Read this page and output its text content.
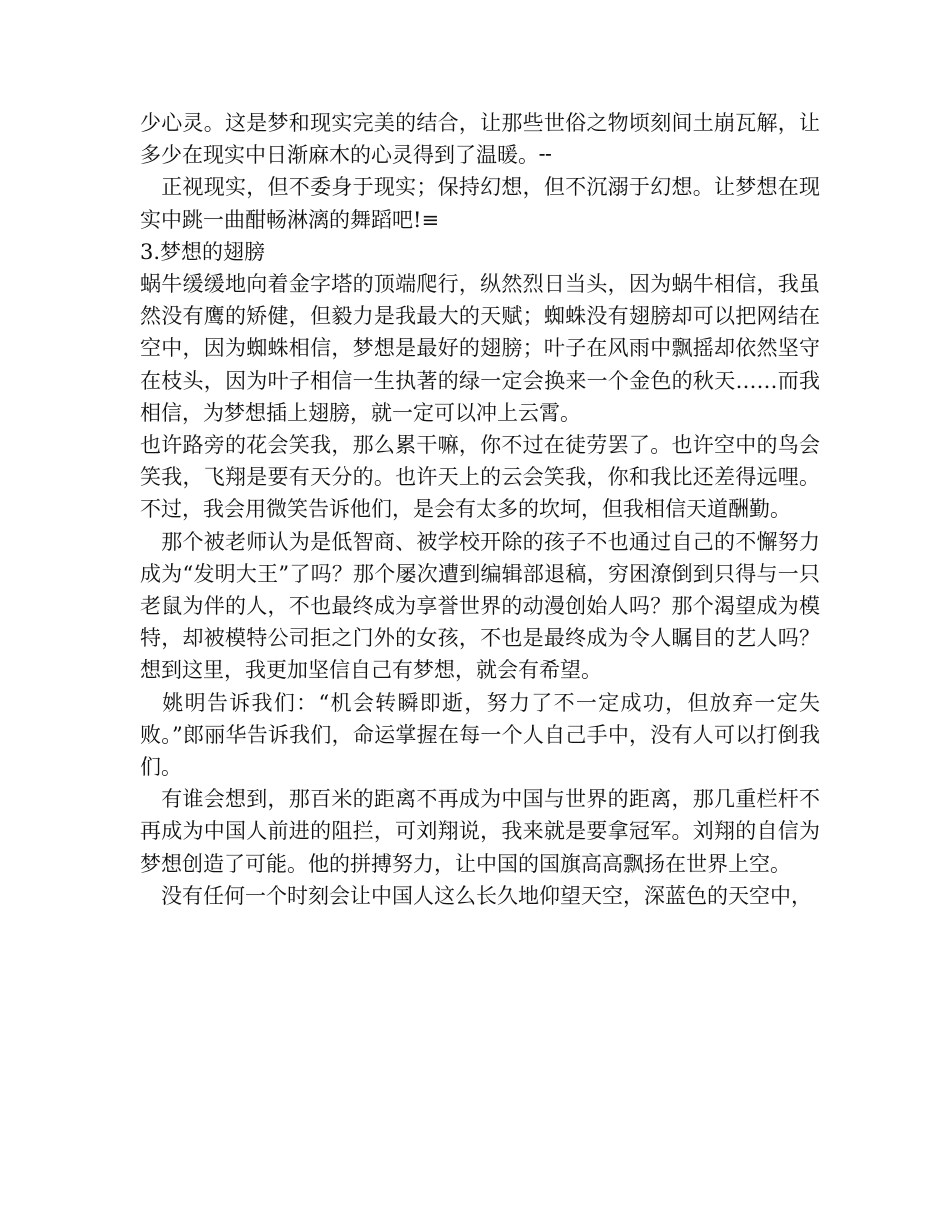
少心灵。这是梦和现实完美的结合，让那些世俗之物顷刻间土崩瓦解，让多少在现实中日渐麻木的心灵得到了温暖。╌

　正视现实，但不委身于现实；保持幻想，但不沉溺于幻想。让梦想在现实中跳一曲酣畅淋漓的舞蹈吧!≡

3.梦想的翅膀

蜗牛缓缓地向着金字塔的顶端爬行，纵然烈日当头，因为蜗牛相信，我虽然没有鹰的矫健，但毅力是我最大的天赋；蜘蛛没有翅膀却可以把网结在空中，因为蜘蛛相信，梦想是最好的翅膀；叶子在风雨中飘摇却依然坚守在枝头，因为叶子相信一生执著的绿一定会换来一个金色的秋天……而我相信，为梦想插上翅膀，就一定可以冲上云霄。

也许路旁的花会笑我，那么累干嘛，你不过在徒劳罢了。也许空中的鸟会笑我，飞翔是要有天分的。也许天上的云会笑我，你和我比还差得远哩。不过，我会用微笑告诉他们，是会有太多的坎坷，但我相信天道酬勤。

　那个被老师认为是低智商、被学校开除的孩子不也通过自己的不懈努力成为“发明大王”了吗？那个屡次遭到编辑部退稿，穷困潦倒到只得与一只老鼠为伴的人，不也最终成为享誉世界的动漫创始人吗？那个渴望成为模特，却被模特公司拒之门外的女孩，不也是最终成为令人瞩目的艺人吗？想到这里，我更加坚信自己有梦想，就会有希望。

　姚明告诉我们：“机会转瞬即逝，努力了不一定成功，但放弃一定失败。”郎丽华告诉我们，命运掌握在每一个人自己手中，没有人可以打倒我们。

　有谁会想到，那百米的距离不再成为中国与世界的距离，那几重栏杆不再成为中国人前进的阻拦，可刘翔说，我来就是要拿冠军。刘翔的自信为梦想创造了可能。他的拼搏努力，让中国的国旗高高飘扬在世界上空。

　没有任何一个时刻会让中国人这么长久地仰望天空，深蓝色的天空中，
